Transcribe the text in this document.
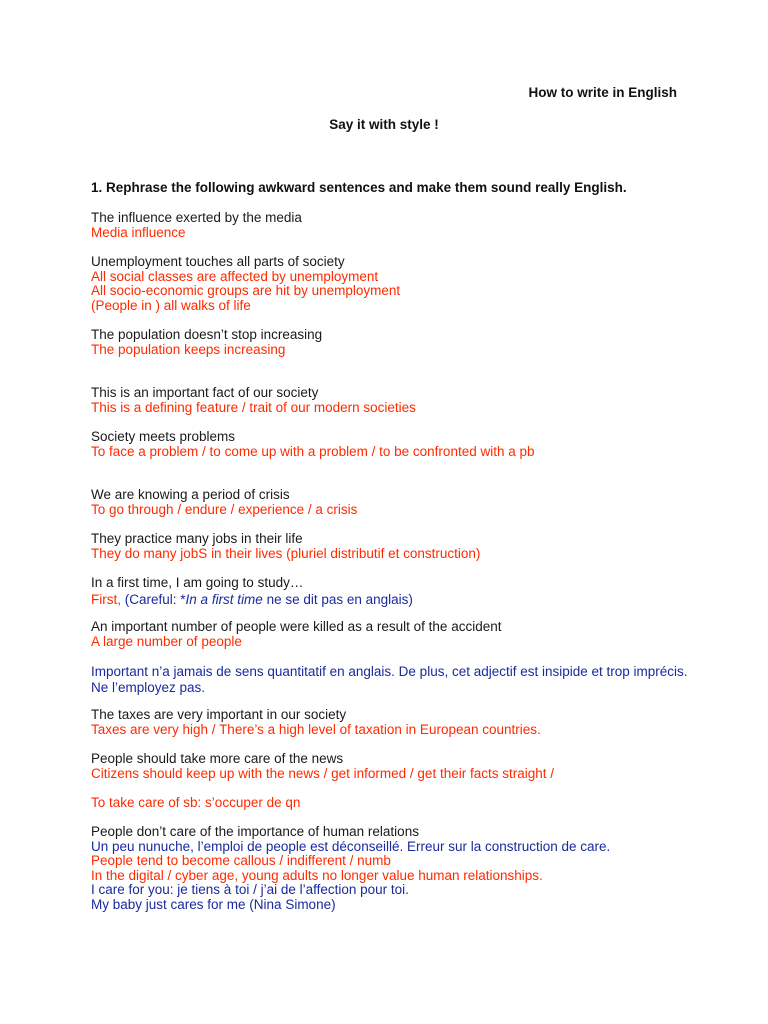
How to write in English
Say it with style !
1. Rephrase the following awkward sentences and make them sound really English.
The influence exerted by the media
Media influence
Unemployment touches all parts of society
All social classes are affected by unemployment
All socio-economic groups are hit by unemployment
(People in ) all walks of life
The population doesn’t stop increasing
The population keeps increasing
This is an important fact of our society
This is a defining feature / trait of our modern societies
Society meets problems
To face a problem / to come up with a problem / to be confronted with a pb
We are knowing a period of crisis
To go through / endure / experience / a crisis
They practice many jobs in their life
They do many jobS in their lives (pluriel distributif et construction)
In a first time, I am going to study…
First, (Careful: *In a first time ne se dit pas en anglais)
An important number of people were killed as a result of the accident
A large number of people
Important n’a jamais de sens quantitatif en anglais. De plus, cet adjectif est insipide et trop imprécis. Ne l’employez pas.
The taxes are very important in our society
Taxes are very high / There’s a high level of taxation in European countries.
People should take more care of the news
Citizens should keep up with the news / get informed / get their facts straight /
To take care of sb: s’occuper de qn
People don’t care of the importance of human relations
Un peu nunuche, l’emploi de people est déconseillé. Erreur sur la construction de care.
People tend to become callous / indifferent / numb
In the digital / cyber age, young adults no longer value human relationships.
I care for you: je tiens à toi / j’ai de l’affection pour toi.
My baby just cares for me (Nina Simone)
